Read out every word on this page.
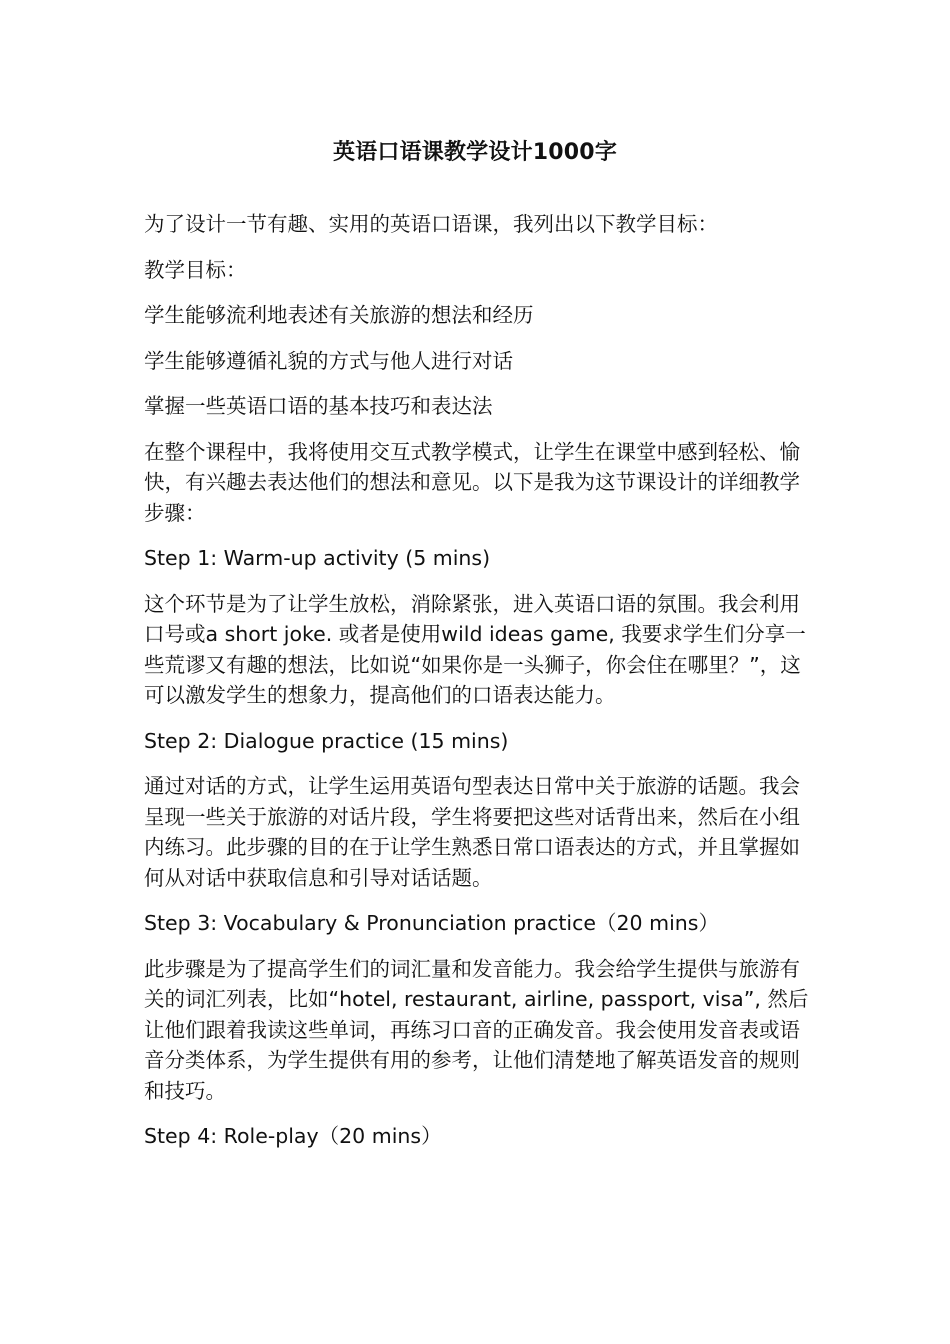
英语口语课教学设计1000字

为了设计一节有趣、实用的英语口语课，我列出以下教学目标：

教学目标：

学生能够流利地表述有关旅游的想法和经历

学生能够遵循礼貌的方式与他人进行对话

掌握一些英语口语的基本技巧和表达法

在整个课程中，我将使用交互式教学模式，让学生在课堂中感到轻松、愉快，有兴趣去表达他们的想法和意见。以下是我为这节课设计的详细教学步骤：

Step 1: Warm-up activity (5 mins)

这个环节是为了让学生放松，消除紧张，进入英语口语的氛围。我会利用口号或a short joke. 或者是使用wild ideas game, 我要求学生们分享一些荒谬又有趣的想法，比如说“如果你是一头狮子，你会住在哪里？”，这可以激发学生的想象力，提高他们的口语表达能力。

Step 2: Dialogue practice (15 mins)

通过对话的方式，让学生运用英语句型表达日常中关于旅游的话题。我会呈现一些关于旅游的对话片段，学生将要把这些对话背出来，然后在小组内练习。此步骤的目的在于让学生熟悉日常口语表达的方式，并且掌握如何从对话中获取信息和引导对话话题。

Step 3: Vocabulary & Pronunciation practice（20 mins）

此步骤是为了提高学生们的词汇量和发音能力。我会给学生提供与旅游有关的词汇列表，比如“hotel, restaurant, airline, passport, visa”, 然后让他们跟着我读这些单词，再练习口音的正确发音。我会使用发音表或语音分类体系，为学生提供有用的参考，让他们清楚地了解英语发音的规则和技巧。

Step 4: Role-play（20 mins）
